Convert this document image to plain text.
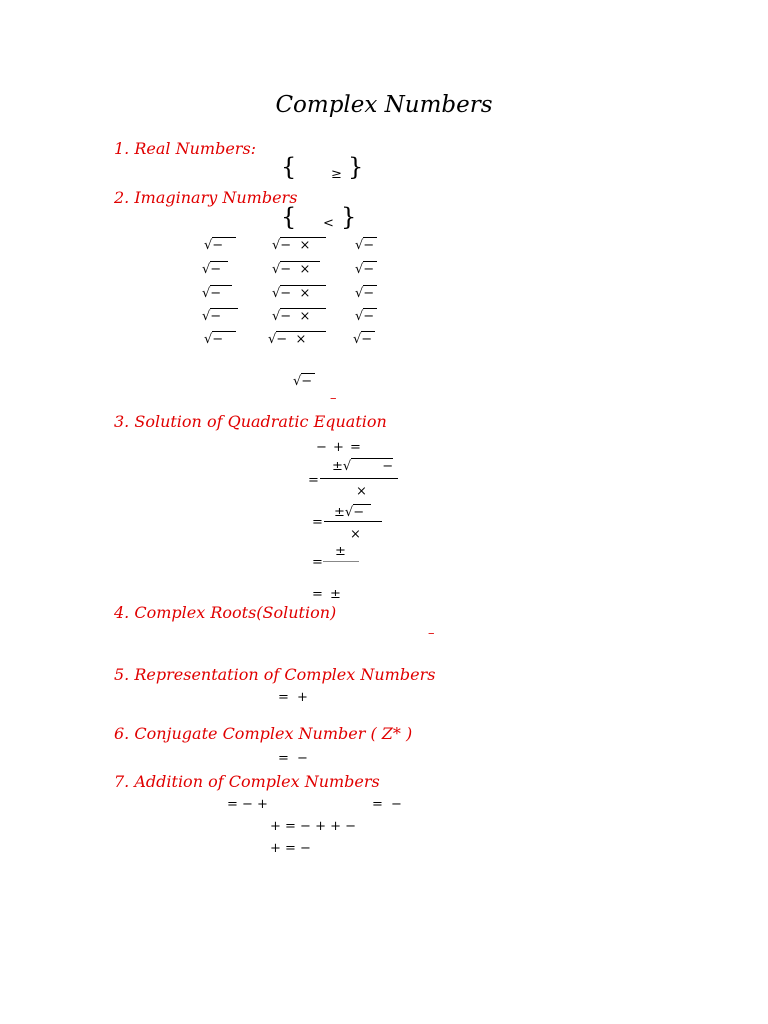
Complex Numbers
1. Real Numbers:
{	≥ }
2. Imaginary Numbers
{ < }
√−	√− ×	√−
√−	√− ×	√−
√−	√− ×	√−
√−	√− ×	√−
√−	√− ×	√−
√−
–
3. Solution of Quadratic Equation
− + =
=
±√ −
×
=
±√−
×
=
±
= ±
4. Complex Roots(Solution)
–
5. Representation of Complex Numbers
= +
6. Conjugate Complex Number ( Z* )
= −
7. Addition of Complex Numbers
= − +	= −
+ = − + + −
+ = −
